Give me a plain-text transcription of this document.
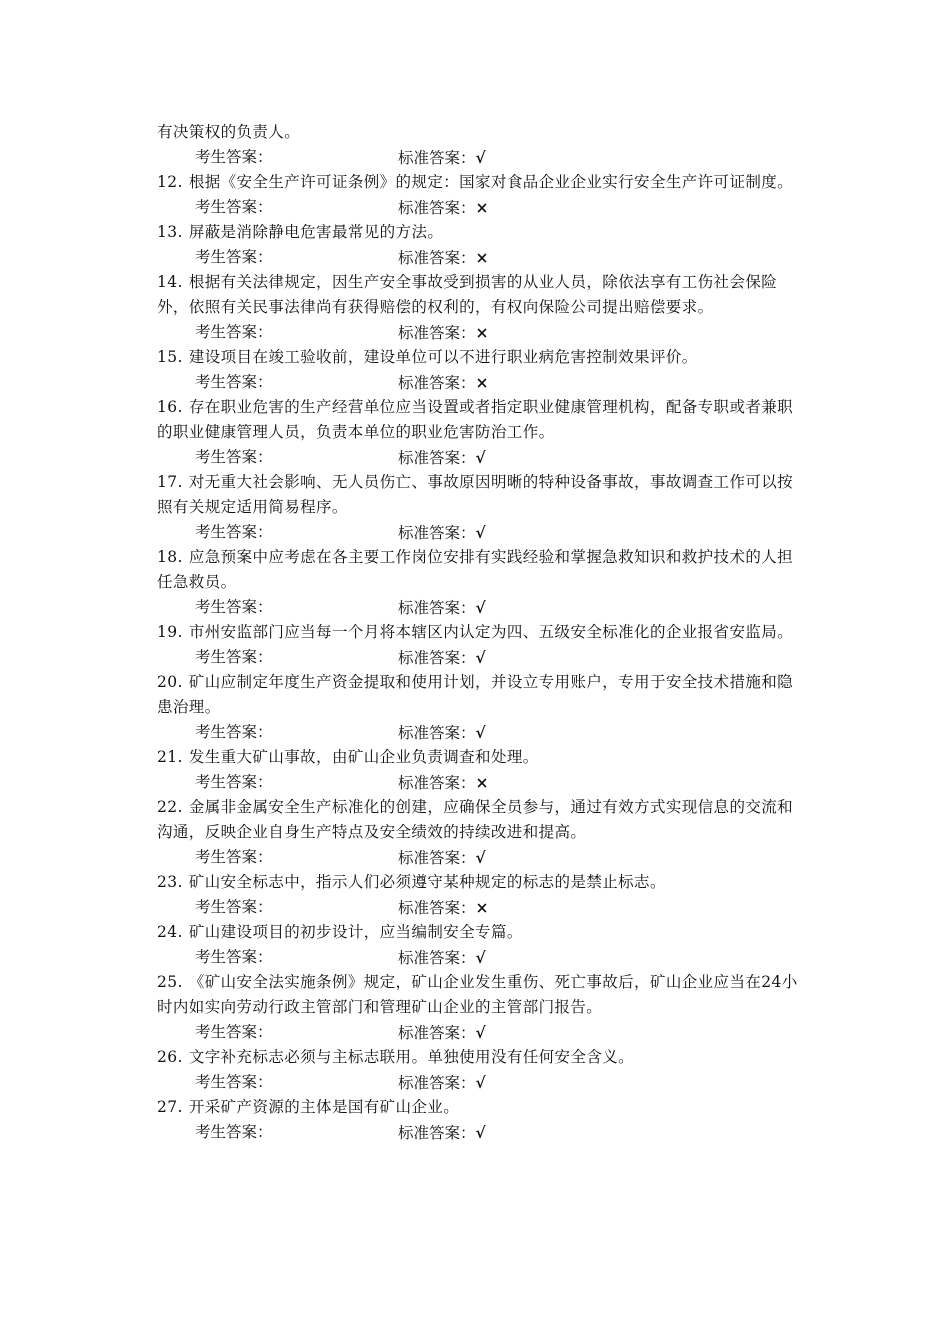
有决策权的负责人。

考生答案：	标准答案：√

12. 根据《安全生产许可证条例》的规定：国家对食品企业企业实行安全生产许可证制度。

考生答案：	标准答案：×

13. 屏蔽是消除静电危害最常见的方法。

考生答案：	标准答案：×

14. 根据有关法律规定，因生产安全事故受到损害的从业人员，除依法享有工伤社会保险外，依照有关民事法律尚有获得赔偿的权利的，有权向保险公司提出赔偿要求。

考生答案：	标准答案：×

15. 建设项目在竣工验收前，建设单位可以不进行职业病危害控制效果评价。

考生答案：	标准答案：×

16. 存在职业危害的生产经营单位应当设置或者指定职业健康管理机构，配备专职或者兼职的职业健康管理人员，负责本单位的职业危害防治工作。

考生答案：	标准答案：√

17. 对无重大社会影响、无人员伤亡、事故原因明晰的特种设备事故，事故调查工作可以按照有关规定适用简易程序。

考生答案：	标准答案：√

18. 应急预案中应考虑在各主要工作岗位安排有实践经验和掌握急救知识和救护技术的人担任急救员。

考生答案：	标准答案：√

19. 市州安监部门应当每一个月将本辖区内认定为四、五级安全标准化的企业报省安监局。

考生答案：	标准答案：√

20. 矿山应制定年度生产资金提取和使用计划，并设立专用账户，专用于安全技术措施和隐患治理。

考生答案：	标准答案：√

21. 发生重大矿山事故，由矿山企业负责调查和处理。

考生答案：	标准答案：×

22. 金属非金属安全生产标准化的创建，应确保全员参与，通过有效方式实现信息的交流和沟通，反映企业自身生产特点及安全绩效的持续改进和提高。

考生答案：	标准答案：√

23. 矿山安全标志中，指示人们必须遵守某种规定的标志的是禁止标志。

考生答案：	标准答案：×

24. 矿山建设项目的初步设计，应当编制安全专篇。

考生答案：	标准答案：√

25. 《矿山安全法实施条例》规定，矿山企业发生重伤、死亡事故后，矿山企业应当在24小时内如实向劳动行政主管部门和管理矿山企业的主管部门报告。

考生答案：	标准答案：√

26. 文字补充标志必须与主标志联用。单独使用没有任何安全含义。

考生答案：	标准答案：√

27. 开采矿产资源的主体是国有矿山企业。

考生答案：	标准答案：√
